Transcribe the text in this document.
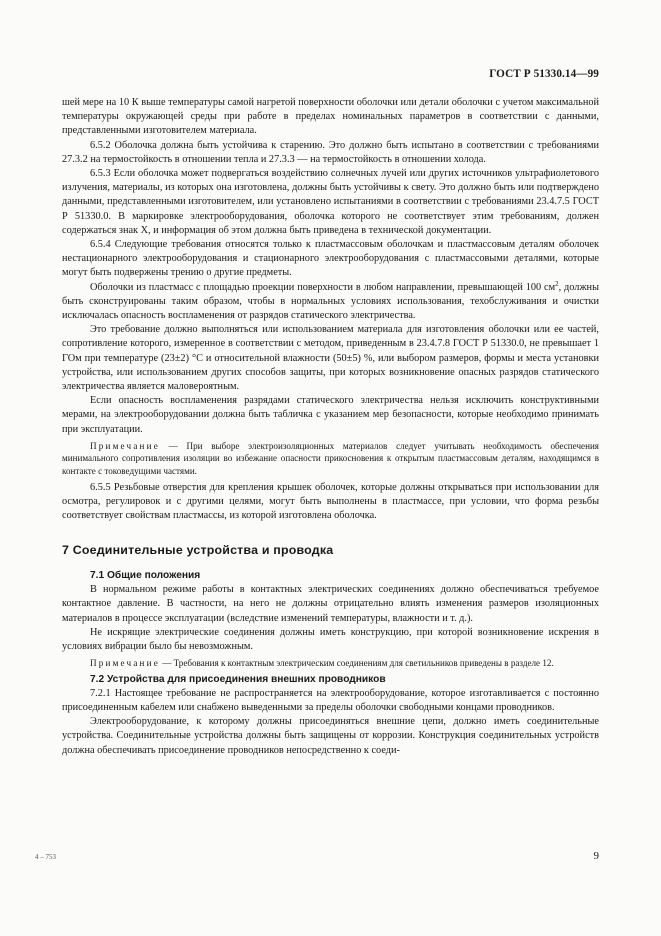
ГОСТ Р 51330.14—99

шей мере на 10 К выше температуры самой нагретой поверхности оболочки или детали оболочки с учетом максимальной температуры окружающей среды при работе в пределах номинальных параметров в соответствии с данными, представленными изготовителем материала.

6.5.2 Оболочка должна быть устойчива к старению. Это должно быть испытано в соответствии с требованиями 27.3.2 на термостойкость в отношении тепла и 27.3.3 — на термостойкость в отношении холода.

6.5.3 Если оболочка может подвергаться воздействию солнечных лучей или других источников ультрафиолетового излучения, материалы, из которых она изготовлена, должны быть устойчивы к свету. Это должно быть или подтверждено данными, представленными изготовителем, или установлено испытаниями в соответствии с требованиями 23.4.7.5 ГОСТ Р 51330.0. В маркировке электрооборудования, оболочка которого не соответствует этим требованиям, должен содержаться знак X, и информация об этом должна быть приведена в технической документации.

6.5.4 Следующие требования относятся только к пластмассовым оболочкам и пластмассовым деталям оболочек нестационарного электрооборудования и стационарного электрооборудования с пластмассовыми деталями, которые могут быть подвержены трению о другие предметы.

Оболочки из пластмасс с площадью проекции поверхности в любом направлении, превышающей 100 $см^2$, должны быть сконструированы таким образом, чтобы в нормальных условиях использования, техобслуживания и очистки исключалась опасность воспламенения от разрядов статического электричества.

Это требование должно выполняться или использованием материала для изготовления оболочки или ее частей, сопротивление которого, измеренное в соответствии с методом, приведенным в 23.4.7.8 ГОСТ Р 51330.0, не превышает 1 ГОм при температуре (23±2) °С и относительной влажности (50±5) %, или выбором размеров, формы и места установки устройства, или использованием других способов защиты, при которых возникновение опасных разрядов статического электричества является маловероятным.

Если опасность воспламенения разрядами статического электричества нельзя исключить конструктивными мерами, на электрооборудовании должна быть табличка с указанием мер безопасности, которые необходимо принимать при эксплуатации.

Примечание — При выборе электроизоляционных материалов следует учитывать необходимость обеспечения минимального сопротивления изоляции во избежание опасности прикосновения к открытым пластмассовым деталям, находящимся в контакте с токоведущими частями.

6.5.5 Резьбовые отверстия для крепления крышек оболочек, которые должны открываться при использовании для осмотра, регулировок и с другими целями, могут быть выполнены в пластмассе, при условии, что форма резьбы соответствует свойствам пластмассы, из которой изготовлена оболочка.

7 Соединительные устройства и проводка
7.1 Общие положения

В нормальном режиме работы в контактных электрических соединениях должно обеспечиваться требуемое контактное давление. В частности, на него не должны отрицательно влиять изменения размеров изоляционных материалов в процессе эксплуатации (вследствие изменений температуры, влажности и т. д.).

Не искрящие электрические соединения должны иметь конструкцию, при которой возникновение искрения в условиях вибрации было бы невозможным.

Примечание — Требования к контактным электрическим соединениям для светильников приведены в разделе 12.

7.2 Устройства для присоединения внешних проводников

7.2.1 Настоящее требование не распространяется на электрооборудование, которое изготавливается с постоянно присоединенным кабелем или снабжено выведенными за пределы оболочки свободными концами проводников.

Электрооборудование, к которому должны присоединяться внешние цепи, должно иметь соединительные устройства. Соединительные устройства должны быть защищены от коррозии. Конструкция соединительных устройств должна обеспечивать присоединение проводников непосредственно к соеди-

4 – 753	9
